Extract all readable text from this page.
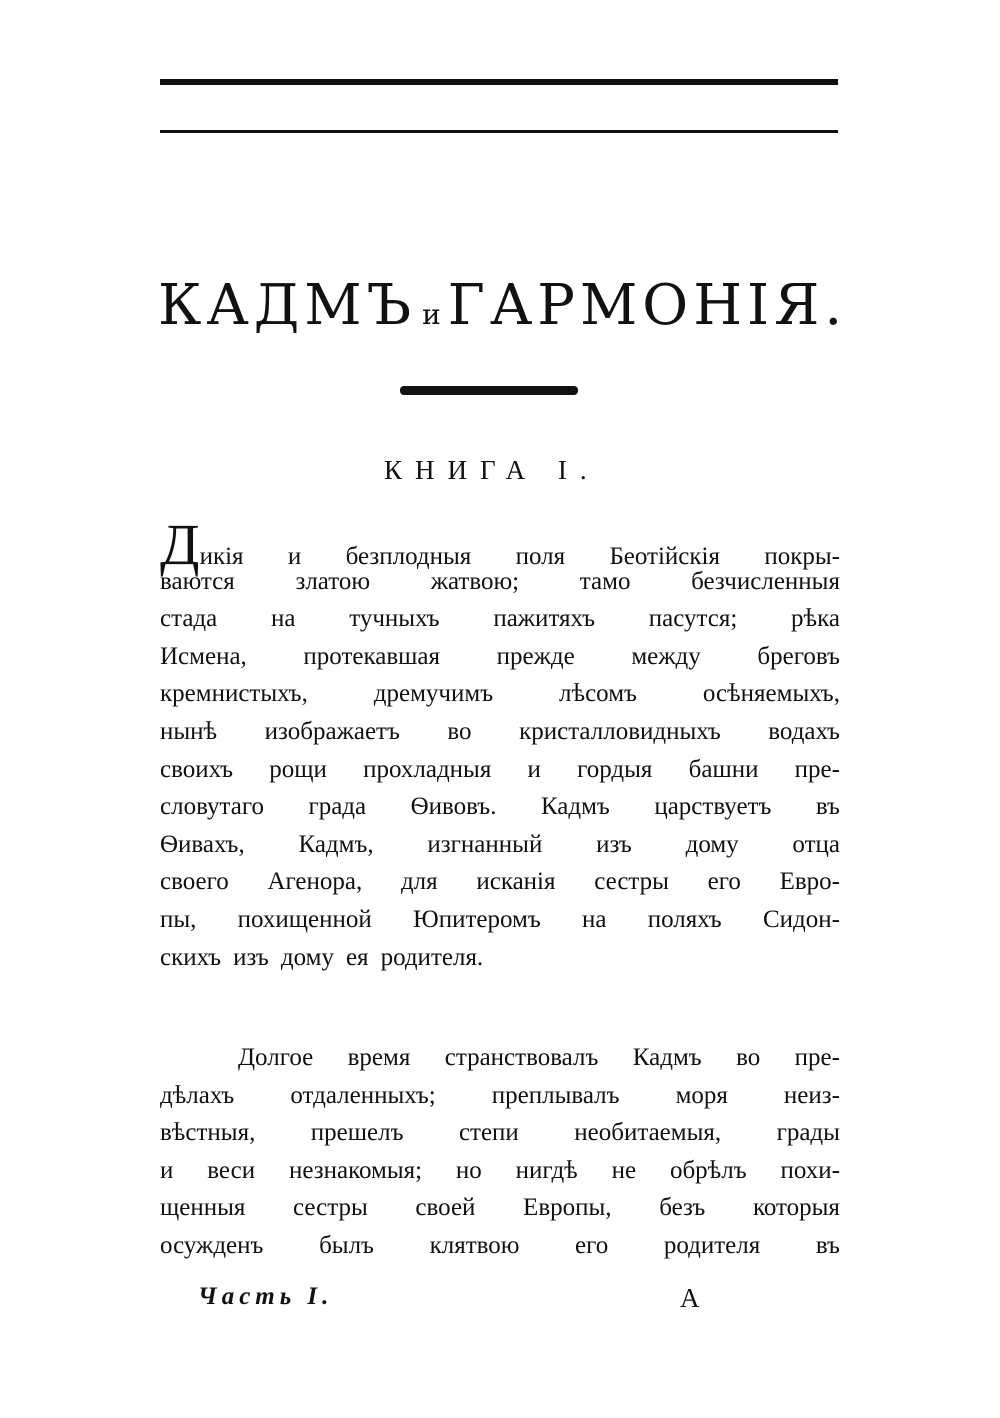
КАДМЪ и ГАРМОНІЯ.
КНИГА I.
Дикія и безплодныя поля Беотійскія покры-
ваются златою жатвою; тамо безчисленныя
стада на тучныхъ пажитяхъ пасутся; рѣка
Исмена, протекавшая прежде между бреговъ
кремнистыхъ,	дремучимъ	лѣсомъ	осѣняемыхъ,
нынѣ изображаетъ во кристалловидныхъ водахъ
своихъ рощи прохладныя и гордыя башни пре-
словутаго града Ѳивовъ. Кадмъ царствуетъ въ
Ѳивахъ, Кадмъ, изгнанный изъ дому отца
своего Агенора, для исканія сестры его Евро-
пы, похищенной Юпитеромъ на поляхъ Сидон-
скихъ изъ дому ея родителя.
Долгое время странствовалъ Кадмъ во пре-
дѣлахъ отдаленныхъ; преплывалъ моря неиз-
вѣстныя, прешелъ степи необитаемыя, грады
и веси незнакомыя; но нигдѣ не обрѣлъ похи-
щенныя сестры своей Европы, безъ которыя
осужденъ былъ клятвою его родителя въ
Часть I.	А
